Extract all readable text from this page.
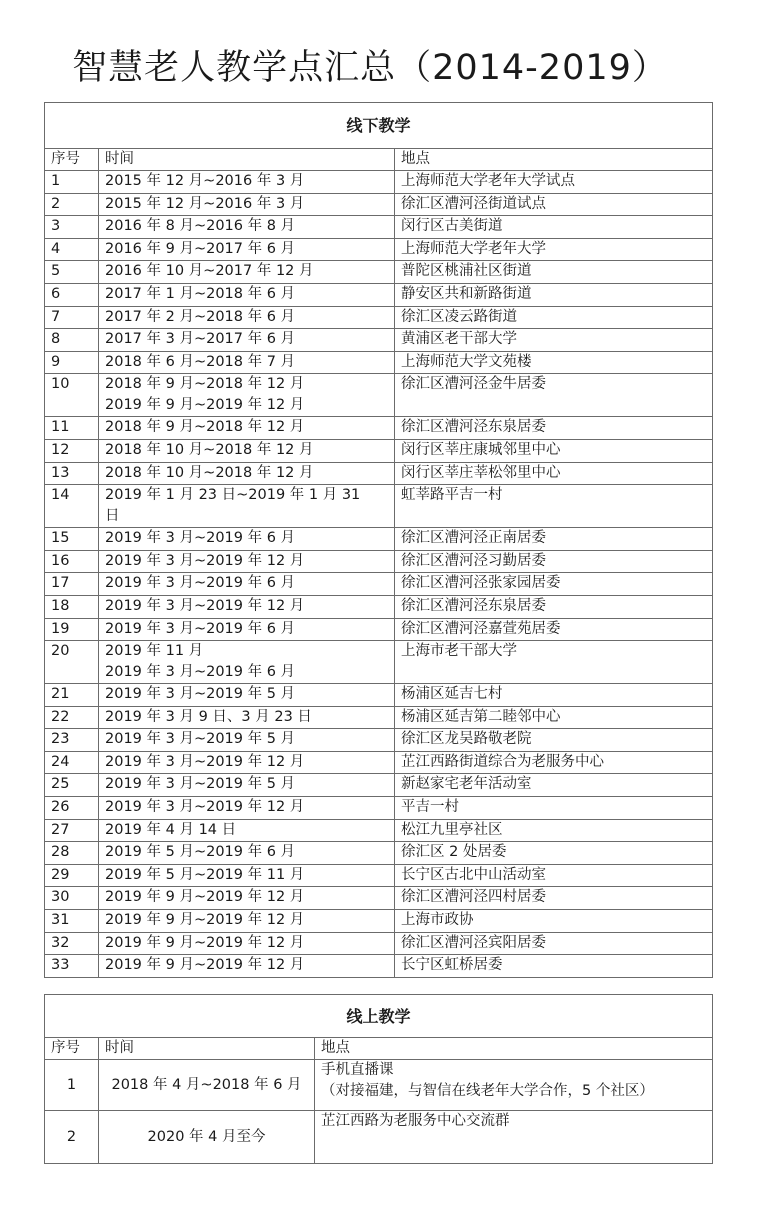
智慧老人教学点汇总（2014-2019）
线下教学		
序号	时间	地点
1	2015 年 12 月~2016 年 3 月	上海师范大学老年大学试点
2	2015 年 12 月~2016 年 3 月	徐汇区漕河泾街道试点
3	2016 年 8 月~2016 年 8 月	闵行区古美街道
4	2016 年 9 月~2017 年 6 月	上海师范大学老年大学
5	2016 年 10 月~2017 年 12 月	普陀区桃浦社区街道
6	2017 年 1 月~2018 年 6 月	静安区共和新路街道
7	2017 年 2 月~2018 年 6 月	徐汇区凌云路街道
8	2017 年 3 月~2017 年 6 月	黄浦区老干部大学
9	2018 年 6 月~2018 年 7 月	上海师范大学文苑楼
10	2018 年 9 月~2018 年 12 月
2019 年 9 月~2019 年 12 月	徐汇区漕河泾金牛居委
11	2018 年 9 月~2018 年 12 月	徐汇区漕河泾东泉居委
12	2018 年 10 月~2018 年 12 月	闵行区莘庄康城邻里中心
13	2018 年 10 月~2018 年 12 月	闵行区莘庄莘松邻里中心
14	2019 年 1 月 23 日~2019 年 1 月 31
日	虹莘路平吉一村
15	2019 年 3 月~2019 年 6 月	徐汇区漕河泾正南居委
16	2019 年 3 月~2019 年 12 月	徐汇区漕河泾习勤居委
17	2019 年 3 月~2019 年 6 月	徐汇区漕河泾张家园居委
18	2019 年 3 月~2019 年 12 月	徐汇区漕河泾东泉居委
19	2019 年 3 月~2019 年 6 月	徐汇区漕河泾嘉萱苑居委
20	2019 年 11 月
2019 年 3 月~2019 年 6 月	上海市老干部大学
21	2019 年 3 月~2019 年 5 月	杨浦区延吉七村
22	2019 年 3 月 9 日、3 月 23 日	杨浦区延吉第二睦邻中心
23	2019 年 3 月~2019 年 5 月	徐汇区龙吴路敬老院
24	2019 年 3 月~2019 年 12 月	芷江西路街道综合为老服务中心
25	2019 年 3 月~2019 年 5 月	新赵家宅老年活动室
26	2019 年 3 月~2019 年 12 月	平吉一村
27	2019 年 4 月 14 日	松江九里亭社区
28	2019 年 5 月~2019 年 6 月	徐汇区 2 处居委
29	2019 年 5 月~2019 年 11 月	长宁区古北中山活动室
30	2019 年 9 月~2019 年 12 月	徐汇区漕河泾四村居委
31	2019 年 9 月~2019 年 12 月	上海市政协
32	2019 年 9 月~2019 年 12 月	徐汇区漕河泾宾阳居委
33	2019 年 9 月~2019 年 12 月	长宁区虹桥居委
线上教学		
序号	时间	地点
1	2018 年 4 月~2018 年 6 月	手机直播课
（对接福建，与智信在线老年大学合作，5 个社区）

2	2020 年 4 月至今	芷江西路为老服务中心交流群
